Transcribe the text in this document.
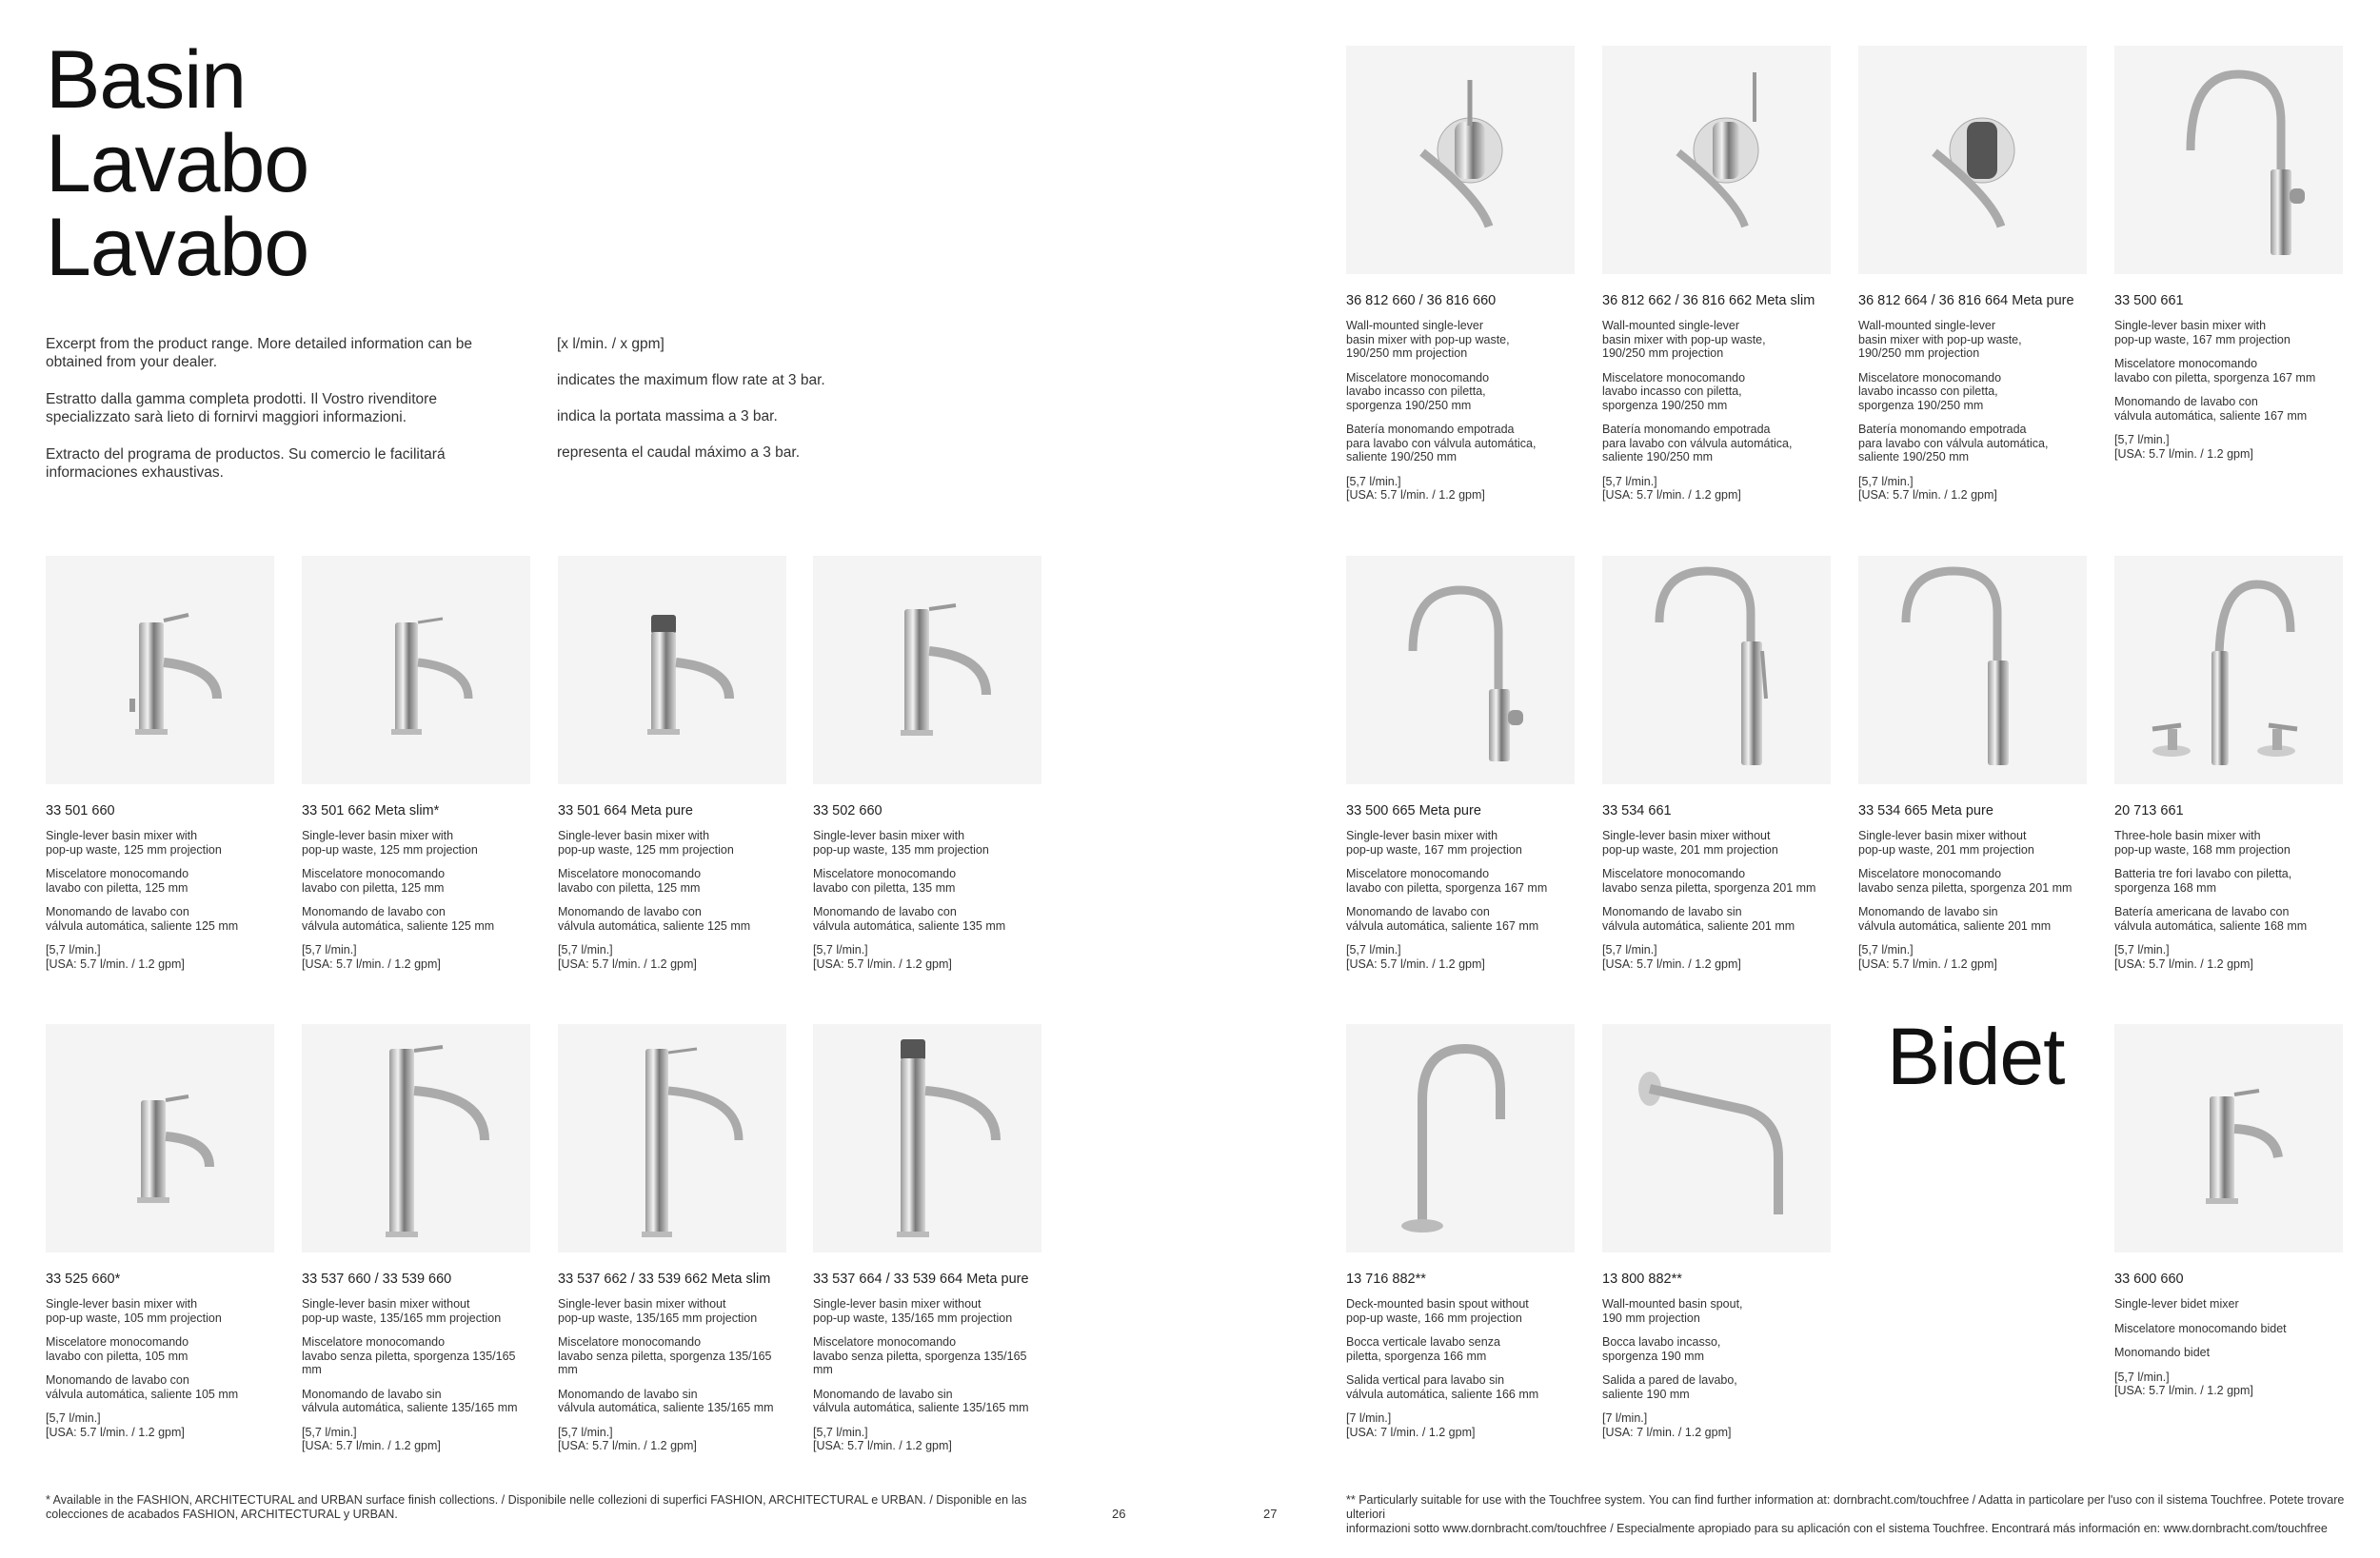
Basin
Lavabo
Lavabo

Excerpt from the product range. More detailed information can be obtained from your dealer.

Estratto dalla gamma completa prodotti. Il Vostro rivenditore specializzato sarà lieto di fornirvi maggiori informazioni.

Extracto del programa de productos. Su comercio le facilitará informaciones exhaustivas.

[x l/min. / x gpm]

indicates the maximum flow rate at 3 bar.

indica la portata massima a 3 bar.

representa el caudal máximo a 3 bar.

33 501 660

Single-lever basin mixer with
pop-up waste, 125 mm projection

Miscelatore monocomando
lavabo con piletta, 125 mm

Monomando de lavabo con
válvula automática, saliente 125 mm

[5,7 l/min.]
[USA: 5.7 l/min. / 1.2 gpm]

33 501 662 Meta slim*

Single-lever basin mixer with
pop-up waste, 125 mm projection

Miscelatore monocomando
lavabo con piletta, 125 mm

Monomando de lavabo con
válvula automática, saliente 125 mm

[5,7 l/min.]
[USA: 5.7 l/min. / 1.2 gpm]

33 501 664 Meta pure

Single-lever basin mixer with
pop-up waste, 125 mm projection

Miscelatore monocomando
lavabo con piletta, 125 mm

Monomando de lavabo con
válvula automática, saliente 125 mm

[5,7 l/min.]
[USA: 5.7 l/min. / 1.2 gpm]

33 502 660

Single-lever basin mixer with
pop-up waste, 135 mm projection

Miscelatore monocomando
lavabo con piletta, 135 mm

Monomando de lavabo con
válvula automática, saliente 135 mm

[5,7 l/min.]
[USA: 5.7 l/min. / 1.2 gpm]

33 525 660*

Single-lever basin mixer with
pop-up waste, 105 mm projection

Miscelatore monocomando
lavabo con piletta, 105 mm

Monomando de lavabo con
válvula automática, saliente 105 mm

[5,7 l/min.]
[USA: 5.7 l/min. / 1.2 gpm]

33 537 660 / 33 539 660

Single-lever basin mixer without
pop-up waste, 135/165 mm projection

Miscelatore monocomando
lavabo senza piletta, sporgenza 135/165 mm

Monomando de lavabo sin
válvula automática, saliente 135/165 mm

[5,7 l/min.]
[USA: 5.7 l/min. / 1.2 gpm]

33 537 662 / 33 539 662 Meta slim

Single-lever basin mixer without
pop-up waste, 135/165 mm projection

Miscelatore monocomando
lavabo senza piletta, sporgenza 135/165 mm

Monomando de lavabo sin
válvula automática, saliente 135/165 mm

[5,7 l/min.]
[USA: 5.7 l/min. / 1.2 gpm]

33 537 664 / 33 539 664 Meta pure

Single-lever basin mixer without
pop-up waste, 135/165 mm projection

Miscelatore monocomando
lavabo senza piletta, sporgenza 135/165 mm

Monomando de lavabo sin
válvula automática, saliente 135/165 mm

[5,7 l/min.]
[USA: 5.7 l/min. / 1.2 gpm]

36 812 660 / 36 816 660

Wall-mounted single-lever
basin mixer with pop-up waste,
190/250 mm projection

Miscelatore monocomando
lavabo incasso con piletta,
sporgenza 190/250 mm

Batería monomando empotrada
para lavabo con válvula automática,
saliente 190/250 mm

[5,7 l/min.]
[USA: 5.7 l/min. / 1.2 gpm]

36 812 662 / 36 816 662 Meta slim

Wall-mounted single-lever
basin mixer with pop-up waste,
190/250 mm projection

Miscelatore monocomando
lavabo incasso con piletta,
sporgenza 190/250 mm

Batería monomando empotrada
para lavabo con válvula automática,
saliente 190/250 mm

[5,7 l/min.]
[USA: 5.7 l/min. / 1.2 gpm]

36 812 664 / 36 816 664 Meta pure

Wall-mounted single-lever
basin mixer with pop-up waste,
190/250 mm projection

Miscelatore monocomando
lavabo incasso con piletta,
sporgenza 190/250 mm

Batería monomando empotrada
para lavabo con válvula automática,
saliente 190/250 mm

[5,7 l/min.]
[USA: 5.7 l/min. / 1.2 gpm]

33 500 661

Single-lever basin mixer with
pop-up waste, 167 mm projection

Miscelatore monocomando
lavabo con piletta, sporgenza 167 mm

Monomando de lavabo con
válvula automática, saliente 167 mm

[5,7 l/min.]
[USA: 5.7 l/min. / 1.2 gpm]

33 500 665 Meta pure

Single-lever basin mixer with
pop-up waste, 167 mm projection

Miscelatore monocomando
lavabo con piletta, sporgenza 167 mm

Monomando de lavabo con
válvula automática, saliente 167 mm

[5,7 l/min.]
[USA: 5.7 l/min. / 1.2 gpm]

33 534 661

Single-lever basin mixer without
pop-up waste, 201 mm projection

Miscelatore monocomando
lavabo senza piletta, sporgenza 201 mm

Monomando de lavabo sin
válvula automática, saliente 201 mm

[5,7 l/min.]
[USA: 5.7 l/min. / 1.2 gpm]

33 534 665 Meta pure

Single-lever basin mixer without
pop-up waste, 201 mm projection

Miscelatore monocomando
lavabo senza piletta, sporgenza 201 mm

Monomando de lavabo sin
válvula automática, saliente 201 mm

[5,7 l/min.]
[USA: 5.7 l/min. / 1.2 gpm]

20 713 661

Three-hole basin mixer with
pop-up waste, 168 mm projection

Batteria tre fori lavabo con piletta,
sporgenza 168 mm

Batería americana de lavabo con
válvula automática, saliente 168 mm

[5,7 l/min.]
[USA: 5.7 l/min. / 1.2 gpm]

13 716 882**

Deck-mounted basin spout without
pop-up waste, 166 mm projection

Bocca verticale lavabo senza
piletta, sporgenza 166 mm

Salida vertical para lavabo sin
válvula automática, saliente 166 mm

[7 l/min.]
[USA: 7 l/min. / 1.2 gpm]

13 800 882**

Wall-mounted basin spout,
190 mm projection

Bocca lavabo incasso,
sporgenza 190 mm

Salida a pared de lavabo,
saliente 190 mm

[7 l/min.]
[USA: 7 l/min. / 1.2 gpm]

Bidet
33 600 660

Single-lever bidet mixer

Miscelatore monocomando bidet

Monomando bidet

[5,7 l/min.]
[USA: 5.7 l/min. / 1.2 gpm]

* Available in the FASHION, ARCHITECTURAL and URBAN surface finish collections. / Disponibile nelle collezioni di superfici FASHION, ARCHITECTURAL e URBAN. / Disponible en las
colecciones de acabados FASHION, ARCHITECTURAL y URBAN.	26	27
** Particularly suitable for use with the Touchfree system. You can find further information at: dornbracht.com/touchfree / Adatta in particolare per l'uso con il sistema Touchfree. Potete trovare ulteriori
informazioni sotto www.dornbracht.com/touchfree / Especialmente apropiado para su aplicación con el sistema Touchfree. Encontrará más información en: www.dornbracht.com/touchfree
